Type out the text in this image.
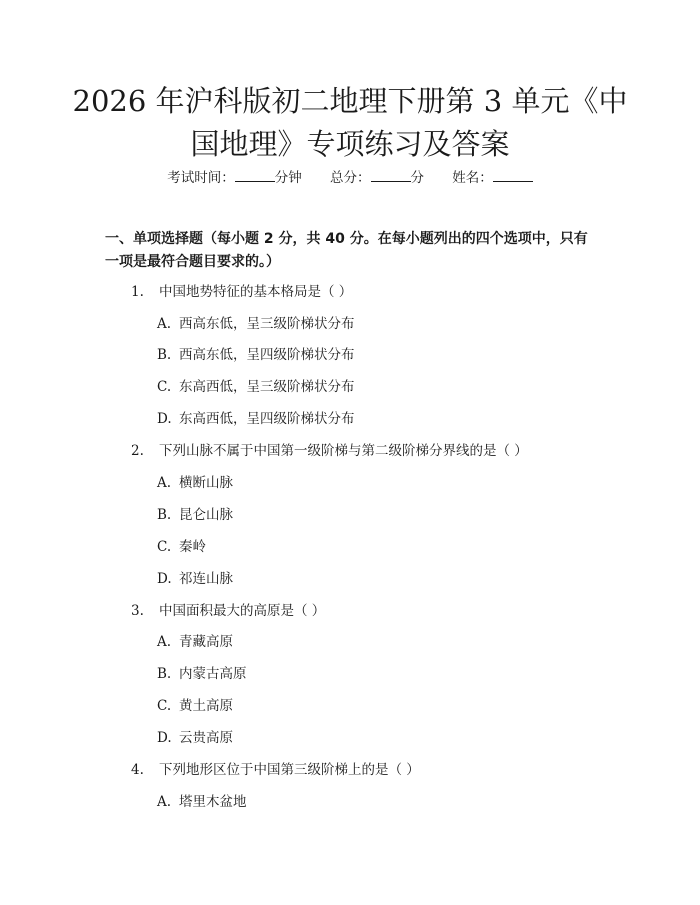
2026 年沪科版初二地理下册第 3 单元《中国地理》专项练习及答案
考试时间：	分钟 总分：	分 姓名：

一、单项选择题（每小题 2 分，共 40 分。在每小题列出的四个选项中，只有一项是最符合题目要求的。）

1. 中国地势特征的基本格局是（ ）
A. 西高东低，呈三级阶梯状分布
B. 西高东低，呈四级阶梯状分布
C. 东高西低，呈三级阶梯状分布
D. 东高西低，呈四级阶梯状分布
2. 下列山脉不属于中国第一级阶梯与第二级阶梯分界线的是（ ）
A. 横断山脉
B. 昆仑山脉
C. 秦岭
D. 祁连山脉
3. 中国面积最大的高原是（ ）
A. 青藏高原
B. 内蒙古高原
C. 黄土高原
D. 云贵高原
4. 下列地形区位于中国第三级阶梯上的是（ ）
A. 塔里木盆地
